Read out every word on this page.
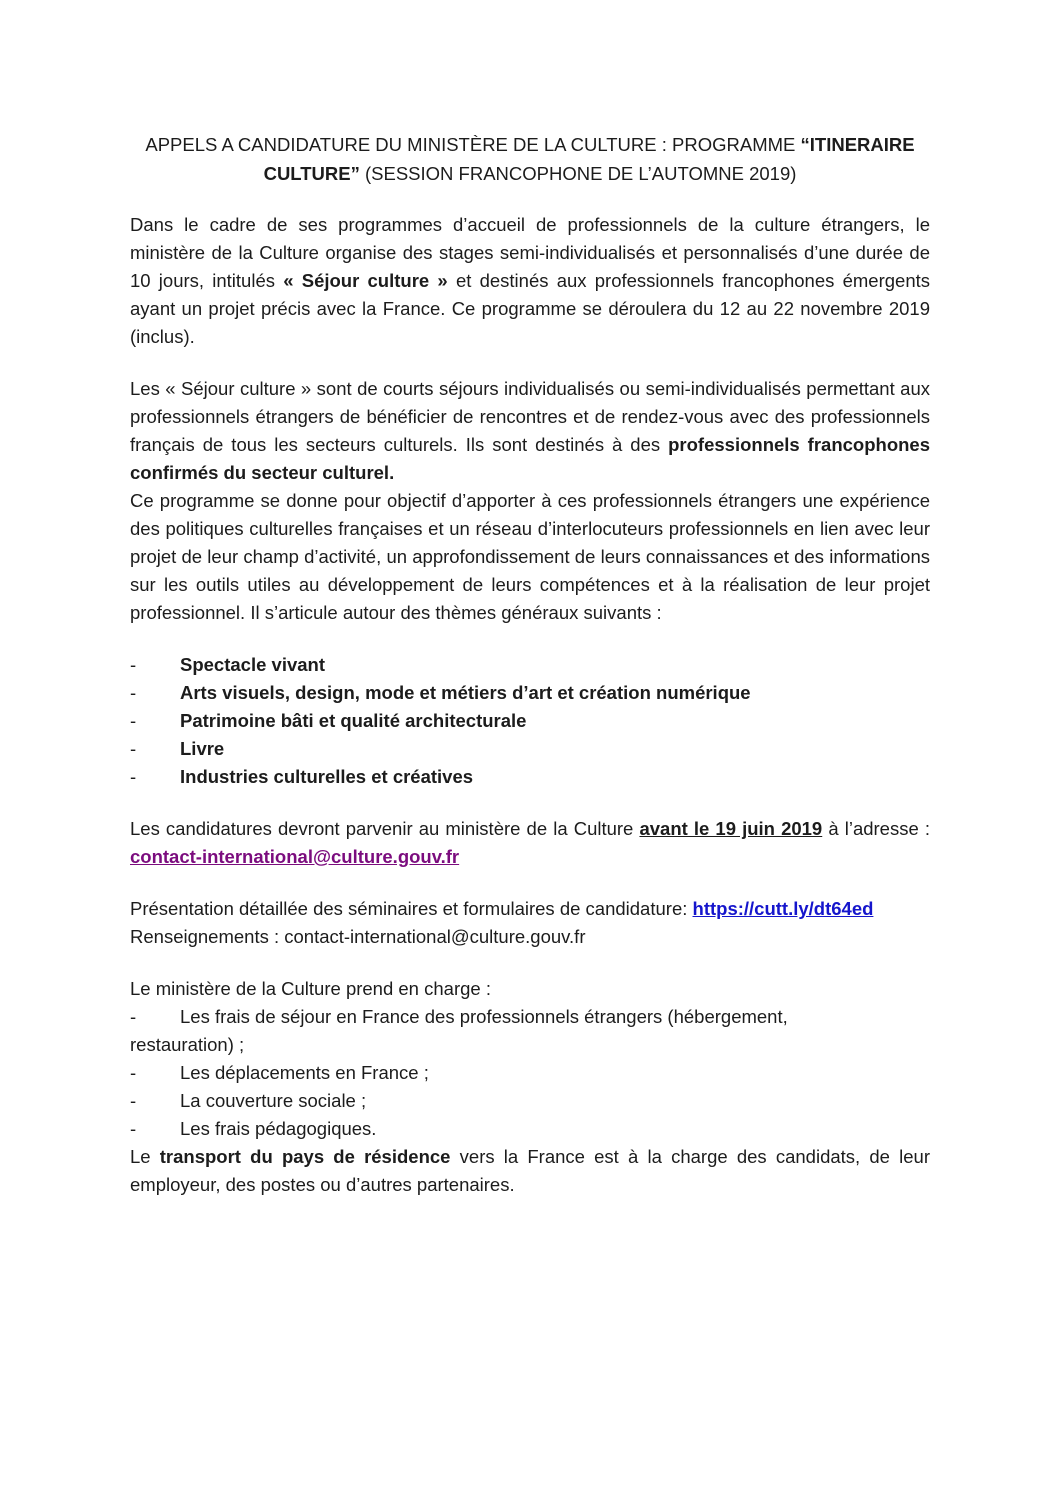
APPELS A CANDIDATURE DU MINISTÈRE DE LA CULTURE : PROGRAMME “ITINERAIRE CULTURE” (SESSION FRANCOPHONE DE L’AUTOMNE 2019)

Dans le cadre de ses programmes d’accueil de professionnels de la culture étrangers, le ministère de la Culture organise des stages semi-individualisés et personnalisés d’une durée de 10 jours, intitulés « Séjour culture » et destinés aux professionnels francophones émergents ayant un projet précis avec la France. Ce programme se déroulera du 12 au 22 novembre 2019 (inclus).

Les « Séjour culture » sont de courts séjours individualisés ou semi-individualisés permettant aux professionnels étrangers de bénéficier de rencontres et de rendez-vous avec des professionnels français de tous les secteurs culturels. Ils sont destinés à des professionnels francophones confirmés du secteur culturel.

Ce programme se donne pour objectif d’apporter à ces professionnels étrangers une expérience des politiques culturelles françaises et un réseau d’interlocuteurs professionnels en lien avec leur projet de leur champ d’activité, un approfondissement de leurs connaissances et des informations sur les outils utiles au développement de leurs compétences et à la réalisation de leur projet professionnel. Il s’articule autour des thèmes généraux suivants :

-	Spectacle vivant
-	Arts visuels, design, mode et métiers d’art et création numérique
-	Patrimoine bâti et qualité architecturale
-	Livre
-	Industries culturelles et créatives

Les candidatures devront parvenir au ministère de la Culture avant le 19 juin 2019 à l’adresse : contact-international@culture.gouv.fr

Présentation détaillée des séminaires et formulaires de candidature: https://cutt.ly/dt64ed

Renseignements : contact-international@culture.gouv.fr

Le ministère de la Culture prend en charge :

-	Les frais de séjour en France des professionnels étrangers (hébergement,

restauration) ;

-	Les déplacements en France ;
-	La couverture sociale ;
-	Les frais pédagogiques.

Le transport du pays de résidence vers la France est à la charge des candidats, de leur employeur, des postes ou d’autres partenaires.
